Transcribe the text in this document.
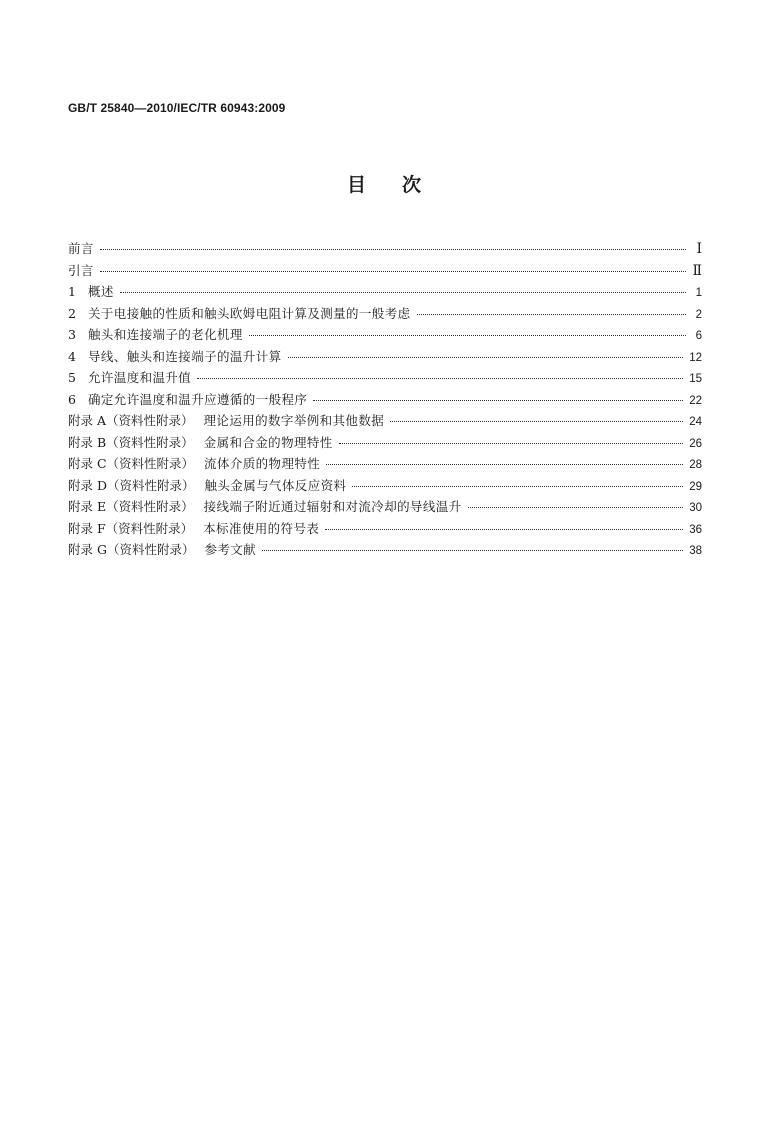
GB/T 25840—2010/IEC/TR 60943:2009
目次
前言	Ⅰ
引言	Ⅱ
1 概述	1
2 关于电接触的性质和触头欧姆电阻计算及测量的一般考虑	2
3 触头和连接端子的老化机理	6
4 导线、触头和连接端子的温升计算	12
5 允许温度和温升值	15
6 确定允许温度和温升应遵循的一般程序	22
附录 A（资料性附录） 理论运用的数字举例和其他数据	24
附录 B（资料性附录） 金属和合金的物理特性	26
附录 C（资料性附录） 流体介质的物理特性	28
附录 D（资料性附录） 触头金属与气体反应资料	29
附录 E（资料性附录） 接线端子附近通过辐射和对流冷却的导线温升	30
附录 F（资料性附录） 本标准使用的符号表	36
附录 G（资料性附录） 参考文献	38
